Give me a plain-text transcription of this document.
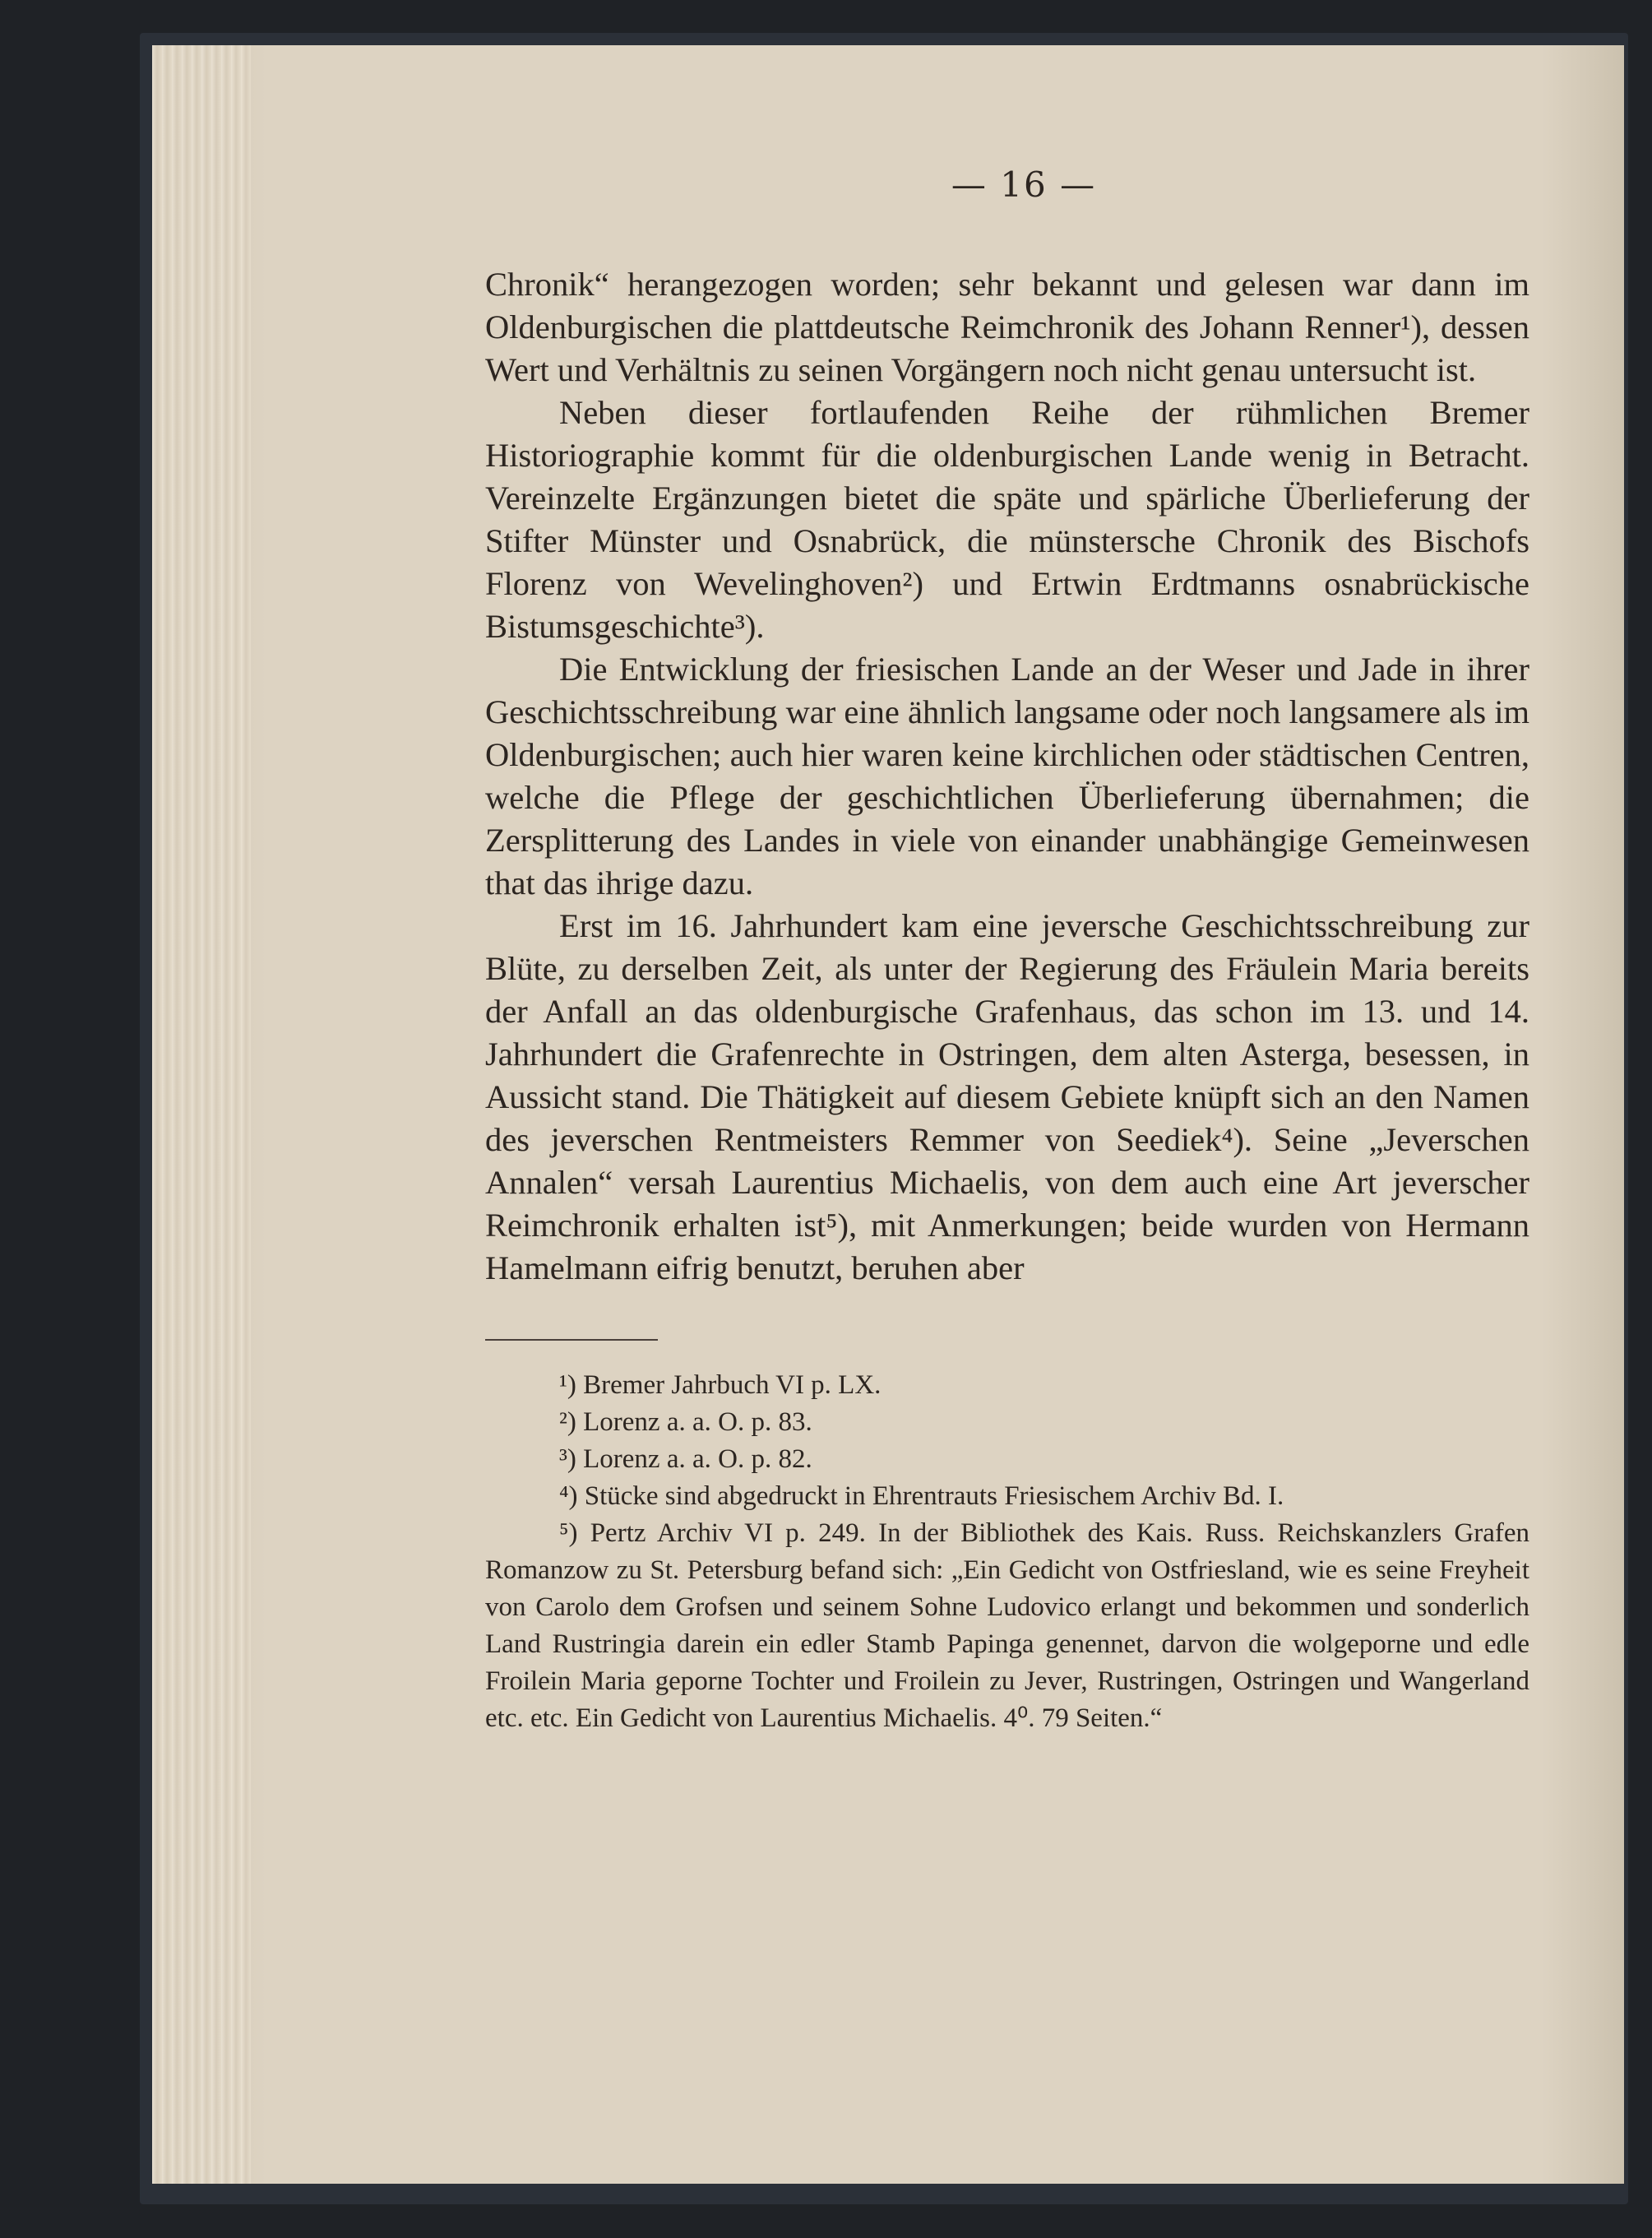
— 16 —

Chronik“ herangezogen worden; sehr bekannt und gelesen war dann im Oldenburgischen die plattdeutsche Reimchronik des Johann Renner¹), dessen Wert und Verhältnis zu seinen Vorgängern noch nicht genau untersucht ist.

Neben dieser fortlaufenden Reihe der rühmlichen Bremer Historiographie kommt für die oldenburgischen Lande wenig in Betracht. Vereinzelte Ergänzungen bietet die späte und spärliche Überlieferung der Stifter Münster und Osnabrück, die münstersche Chronik des Bischofs Florenz von Wevelinghoven²) und Ertwin Erdtmanns osnabrückische Bistumsgeschichte³).

Die Entwicklung der friesischen Lande an der Weser und Jade in ihrer Geschichtsschreibung war eine ähnlich langsame oder noch langsamere als im Oldenburgischen; auch hier waren keine kirchlichen oder städtischen Centren, welche die Pflege der geschichtlichen Überlieferung übernahmen; die Zersplitterung des Landes in viele von einander unabhängige Gemeinwesen that das ihrige dazu.

Erst im 16. Jahrhundert kam eine jeversche Geschichtsschreibung zur Blüte, zu derselben Zeit, als unter der Regierung des Fräulein Maria bereits der Anfall an das oldenburgische Grafenhaus, das schon im 13. und 14. Jahrhundert die Grafenrechte in Ostringen, dem alten Asterga, besessen, in Aussicht stand. Die Thätigkeit auf diesem Gebiete knüpft sich an den Namen des jeverschen Rentmeisters Remmer von Seediek⁴). Seine „Jeverschen Annalen“ versah Laurentius Michaelis, von dem auch eine Art jeverscher Reimchronik erhalten ist⁵), mit Anmerkungen; beide wurden von Hermann Hamelmann eifrig benutzt, beruhen aber

¹) Bremer Jahrbuch VI p. LX.

²) Lorenz a. a. O. p. 83.

³) Lorenz a. a. O. p. 82.

⁴) Stücke sind abgedruckt in Ehrentrauts Friesischem Archiv Bd. I.

⁵) Pertz Archiv VI p. 249. In der Bibliothek des Kais. Russ. Reichskanzlers Grafen Romanzow zu St. Petersburg befand sich: „Ein Gedicht von Ostfriesland, wie es seine Freyheit von Carolo dem Grofsen und seinem Sohne Ludovico erlangt und bekommen und sonderlich Land Rustringia darein ein edler Stamb Papinga genennet, darvon die wolgeporne und edle Froilein Maria geporne Tochter und Froilein zu Jever, Rustringen, Ostringen und Wangerland etc. etc. Ein Gedicht von Laurentius Michaelis. 4⁰. 79 Seiten.“
